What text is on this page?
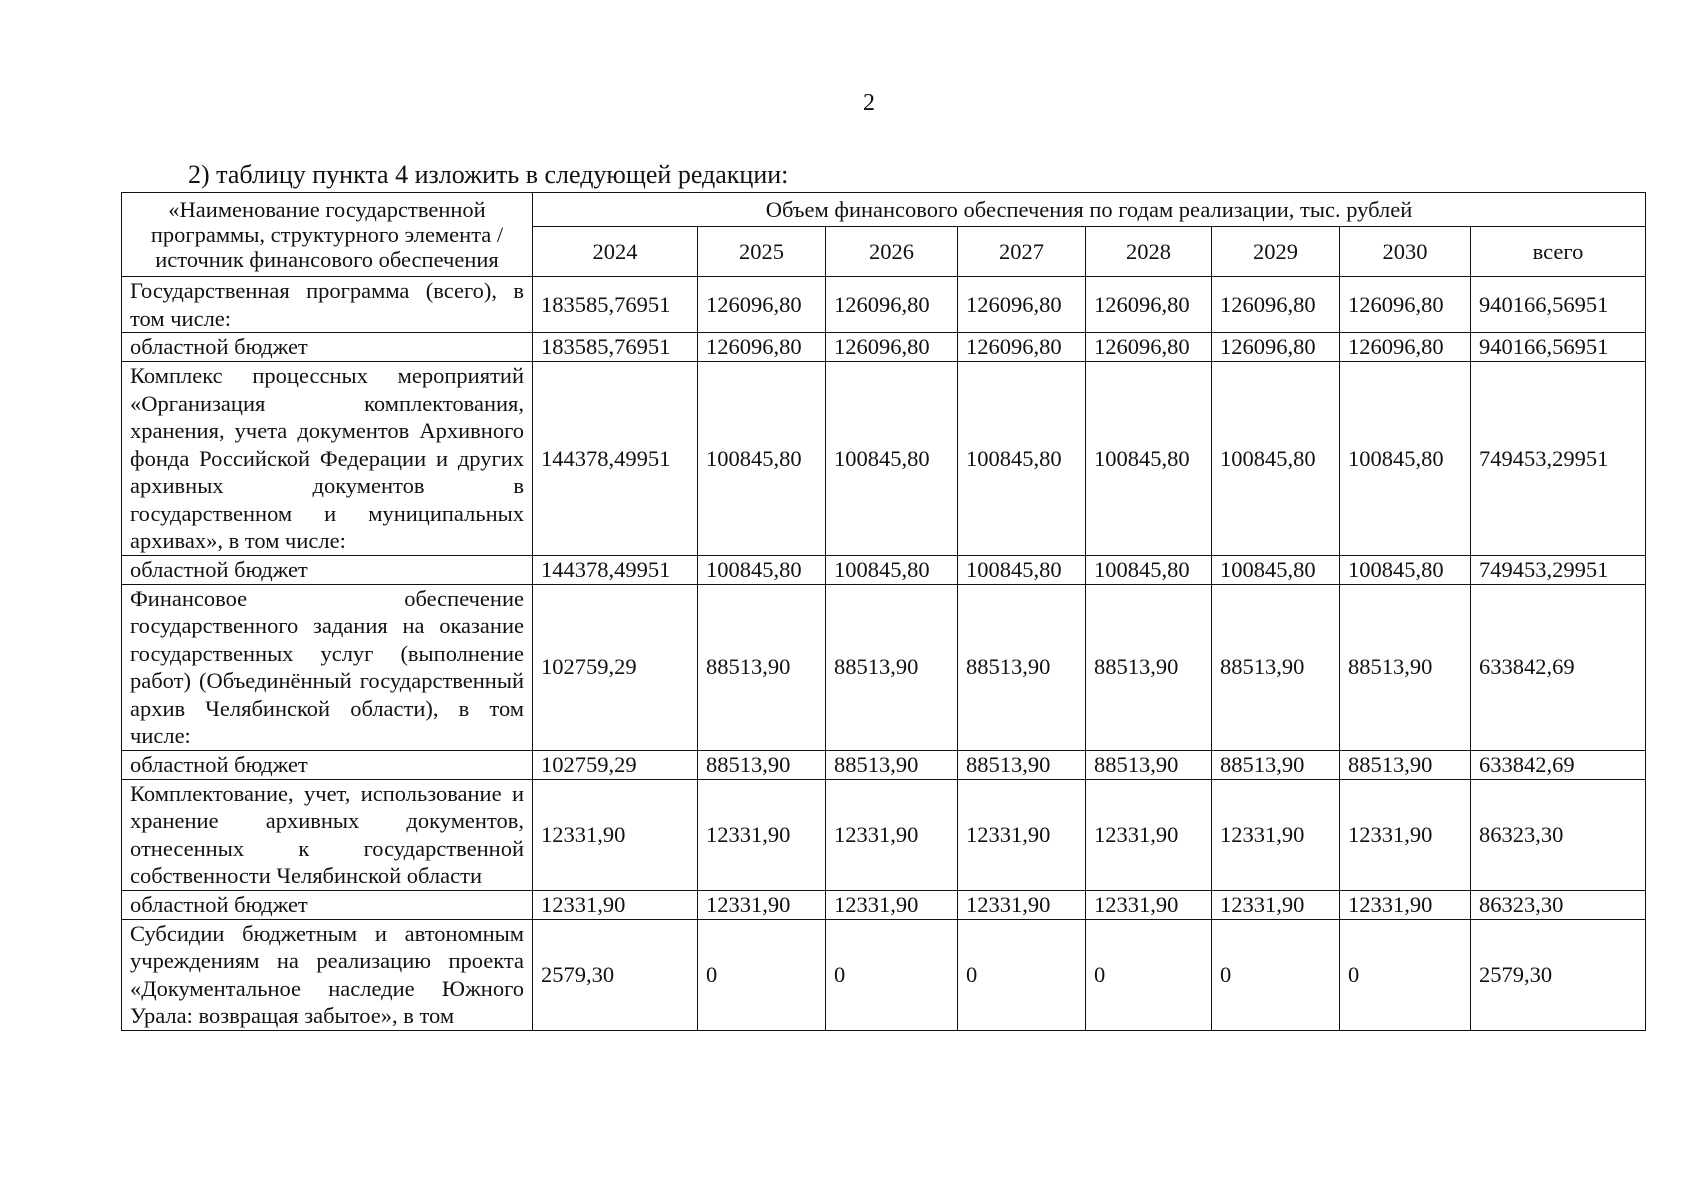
2
2) таблицу пункта 4 изложить в следующей редакции:
«Наименование государственной программы, структурного элемента / источник финансового обеспечения	Объем финансового обеспечения по годам реализации, тыс. рублей							
	2024	2025	2026	2027	2028	2029	2030	всего
Государственная программа (всего), в том числе:	183585,76951	126096,80	126096,80	126096,80	126096,80	126096,80	126096,80	940166,56951
областной бюджет	183585,76951	126096,80	126096,80	126096,80	126096,80	126096,80	126096,80	940166,56951
Комплекс процессных мероприятий «Организация комплектования, хранения, учета документов Архивного фонда Российской Федерации и других архивных документов в государственном и муниципальных архивах», в том числе:	144378,49951	100845,80	100845,80	100845,80	100845,80	100845,80	100845,80	749453,29951
областной бюджет	144378,49951	100845,80	100845,80	100845,80	100845,80	100845,80	100845,80	749453,29951
Финансовое обеспечение государственного задания на оказание государственных услуг (выполнение работ) (Объединённый государственный архив Челябинской области), в том числе:	102759,29	88513,90	88513,90	88513,90	88513,90	88513,90	88513,90	633842,69
областной бюджет	102759,29	88513,90	88513,90	88513,90	88513,90	88513,90	88513,90	633842,69
Комплектование, учет, использование и хранение архивных документов, отнесенных к государственной собственности Челябинской области	12331,90	12331,90	12331,90	12331,90	12331,90	12331,90	12331,90	86323,30
областной бюджет	12331,90	12331,90	12331,90	12331,90	12331,90	12331,90	12331,90	86323,30
Субсидии бюджетным и автономным учреждениям на реализацию проекта «Документальное наследие Южного Урала: возвращая забытое», в том	2579,30	0	0	0	0	0	0	2579,30
